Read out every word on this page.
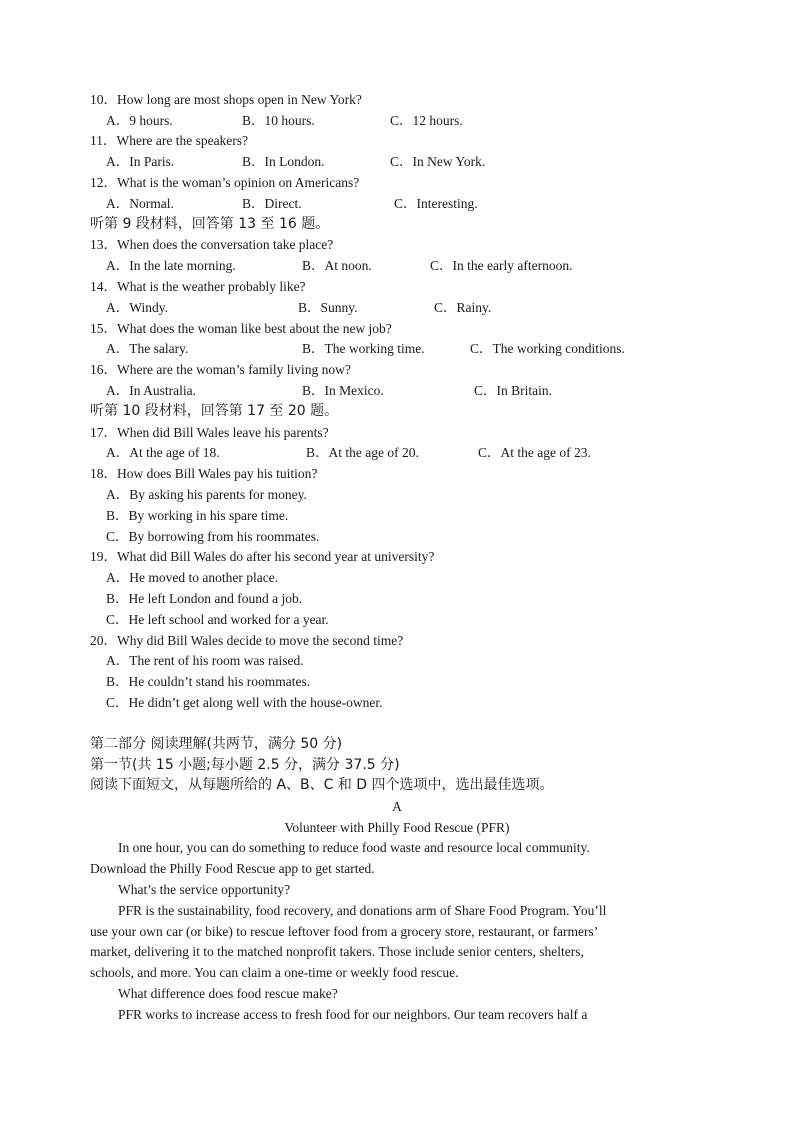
10．How long are most shops open in New York?
A．9 hours.	B．10 hours.	C．12 hours.
11．Where are the speakers?
A．In Paris.	B．In London.	C．In New York.
12．What is the woman’s opinion on Americans?
A．Normal.	B．Direct.	C．Interesting.
听第 9 段材料，回答第 13 至 16 题。
13．When does the conversation take place?
A．In the late morning.	B．At noon.	C．In the early afternoon.
14．What is the weather probably like?
A．Windy.	B．Sunny.	C．Rainy.
15．What does the woman like best about the new job?
A．The salary.	B．The working time.	C．The working conditions.
16．Where are the woman’s family living now?
A．In Australia.	B．In Mexico.	C．In Britain.
听第 10 段材料，回答第 17 至 20 题。
17．When did Bill Wales leave his parents?
A．At the age of 18.	B．At the age of 20.	C．At the age of 23.
18．How does Bill Wales pay his tuition?
A．By asking his parents for money.
B．By working in his spare time.
C．By borrowing from his roommates.
19．What did Bill Wales do after his second year at university?
A．He moved to another place.
B．He left London and found a job.
C．He left school and worked for a year.
20．Why did Bill Wales decide to move the second time?
A．The rent of his room was raised.
B．He couldn’t stand his roommates.
C．He didn’t get along well with the house-owner.
第二部分 阅读理解(共两节，满分 50 分)
第一节(共 15 小题;每小题 2.5 分，满分 37.5 分)
阅读下面短文，从每题所给的 A、B、C 和 D 四个选项中，选出最佳选项。
A
Volunteer with Philly Food Rescue (PFR)
In one hour, you can do something to reduce food waste and resource local community.
Download the Philly Food Rescue app to get started.
What’s the service opportunity?
PFR is the sustainability, food recovery, and donations arm of Share Food Program. You’ll
use your own car (or bike) to rescue leftover food from a grocery store, restaurant, or farmers’
market, delivering it to the matched nonprofit takers. Those include senior centers, shelters,
schools, and more. You can claim a one-time or weekly food rescue.
What difference does food rescue make?
PFR works to increase access to fresh food for our neighbors. Our team recovers half a
